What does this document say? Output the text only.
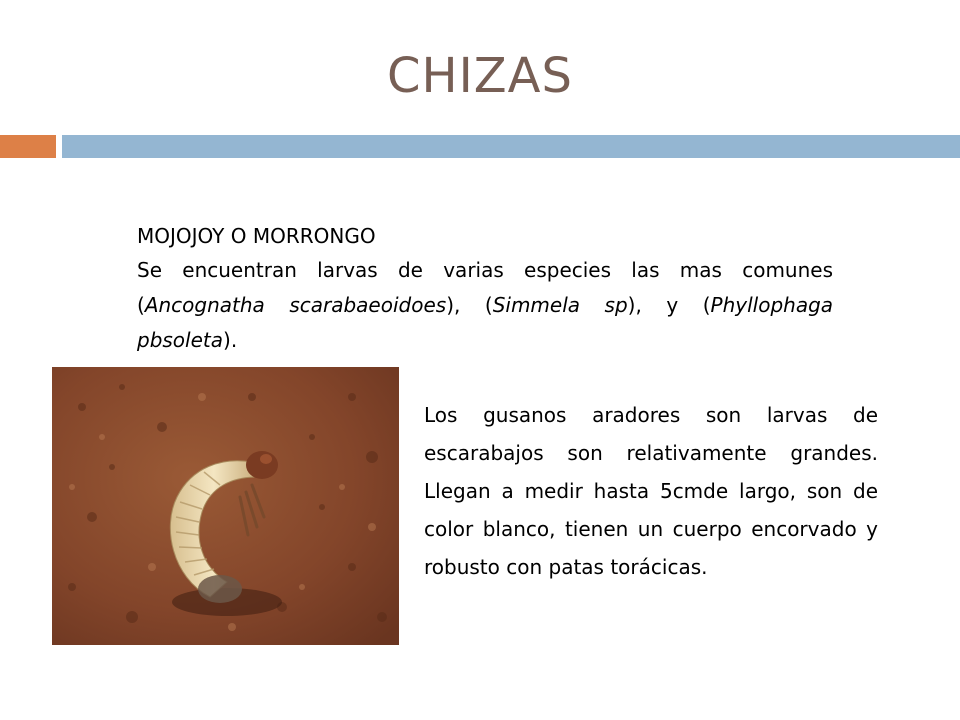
CHIZAS
MOJOJOY O MORRONGO

Se encuentran larvas de varias especies las mas comunes (Ancognatha scarabaeoidoes), (Simmela sp), y (Phyllophaga pbsoleta).

Los gusanos aradores son larvas de escarabajos son relativamente grandes. Llegan a medir hasta 5cmde largo, son de color blanco, tienen un cuerpo encorvado y robusto con patas torácicas.
